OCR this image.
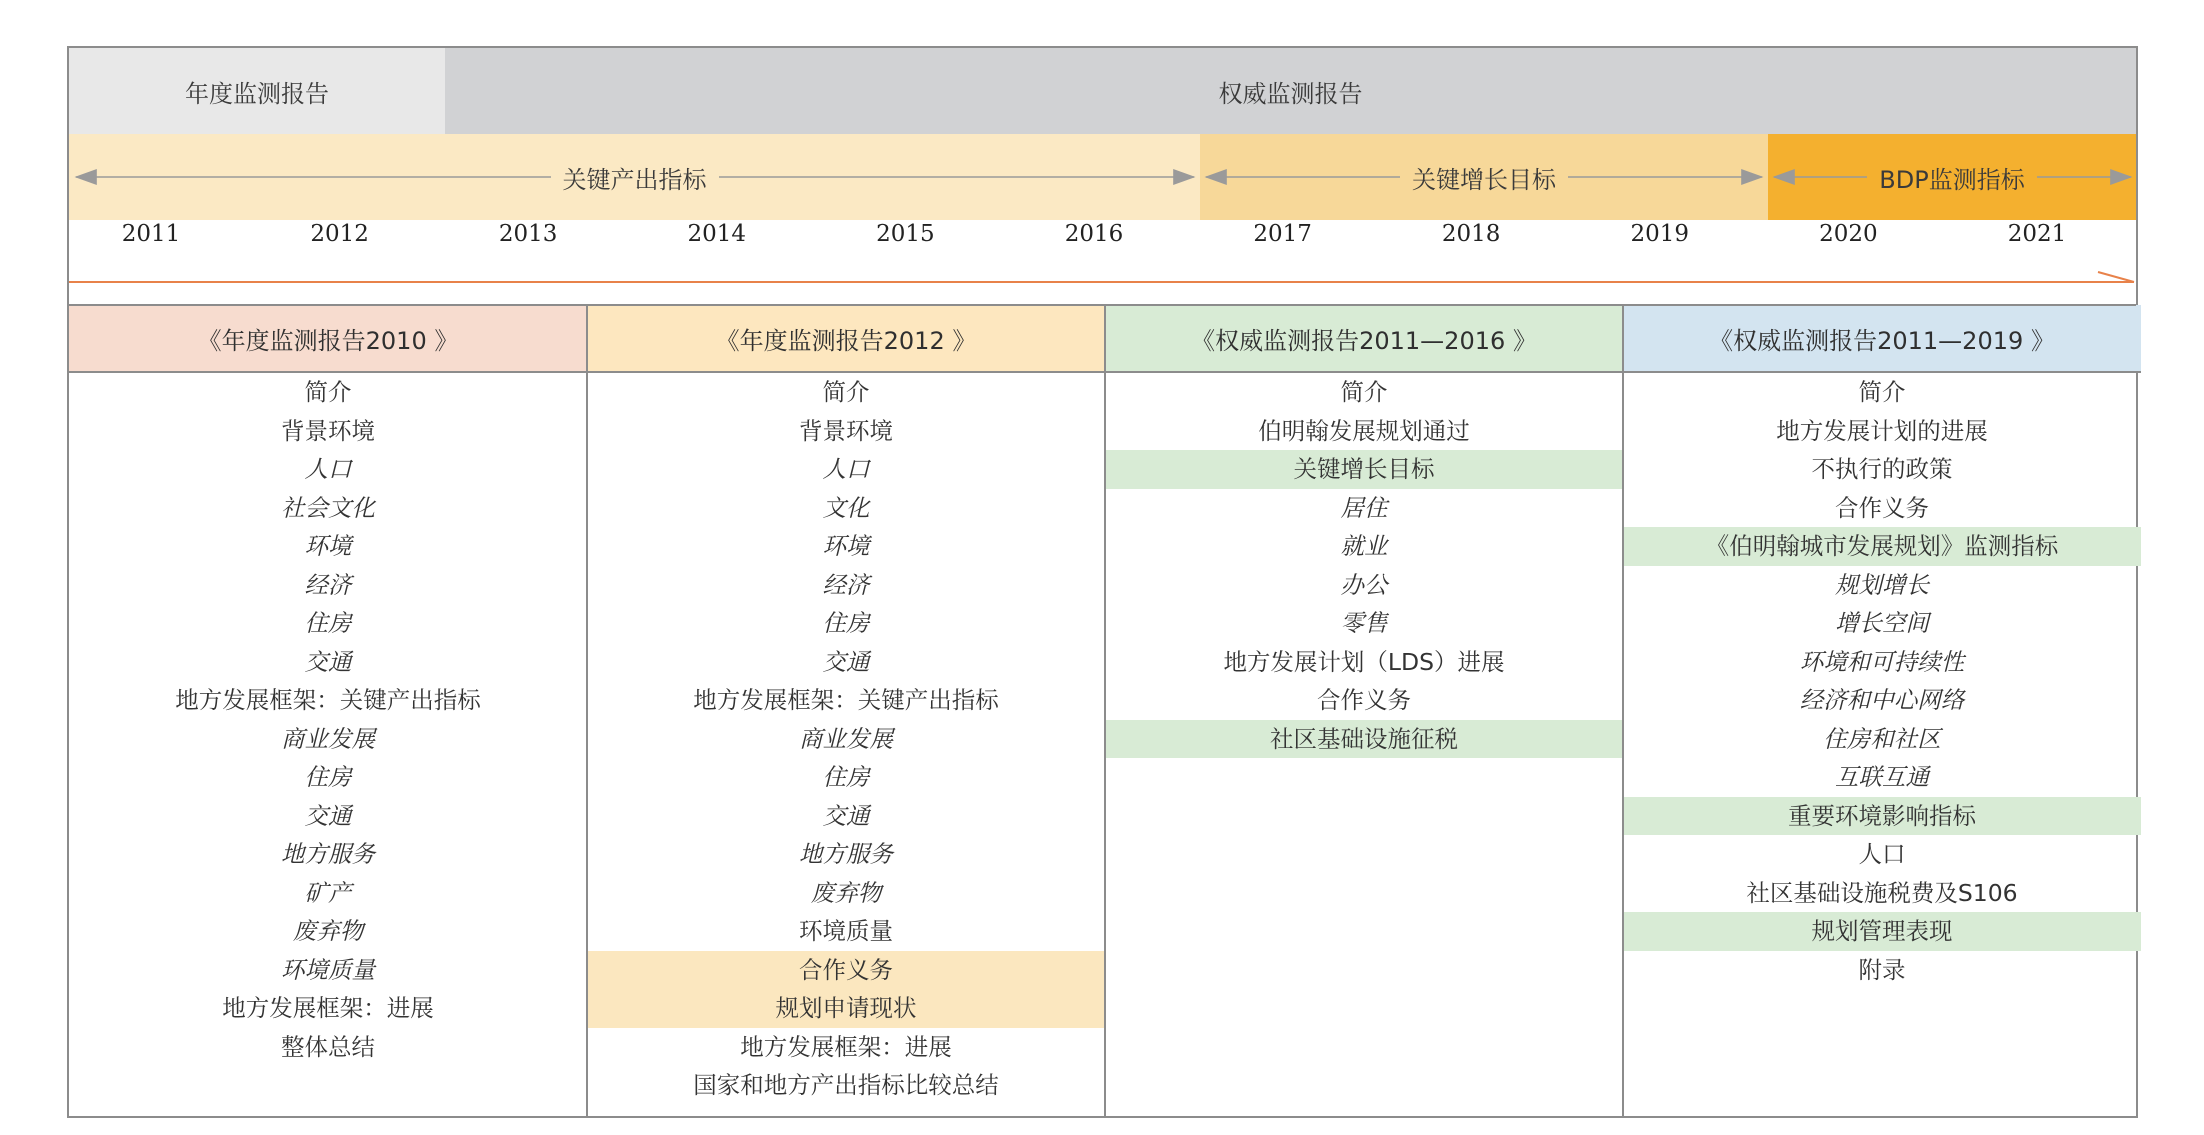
年度监测报告	权威监测报告
关键产出指标	关键增长目标	BDP监测指标
2011	2012	2013	2014	2015	2016	2017	2018	2019	2020	2021
《年度监测报告2010 》
简介
背景环境
人口
社会文化
环境
经济
住房
交通
地方发展框架：关键产出指标
商业发展
住房
交通
地方服务
矿产
废弃物
环境质量
地方发展框架：进展
整体总结
《年度监测报告2012 》
简介
背景环境
人口
文化
环境
经济
住房
交通
地方发展框架：关键产出指标
商业发展
住房
交通
地方服务
废弃物
环境质量
合作义务
规划申请现状
地方发展框架：进展
国家和地方产出指标比较总结
《权威监测报告2011—2016 》
简介
伯明翰发展规划通过
关键增长目标
居住
就业
办公
零售
地方发展计划（LDS）进展
合作义务
社区基础设施征税
《权威监测报告2011—2019 》
简介
地方发展计划的进展
不执行的政策
合作义务
《伯明翰城市发展规划》监测指标
规划增长
增长空间
环境和可持续性
经济和中心网络
住房和社区
互联互通
重要环境影响指标
人口
社区基础设施税费及S106
规划管理表现
附录
